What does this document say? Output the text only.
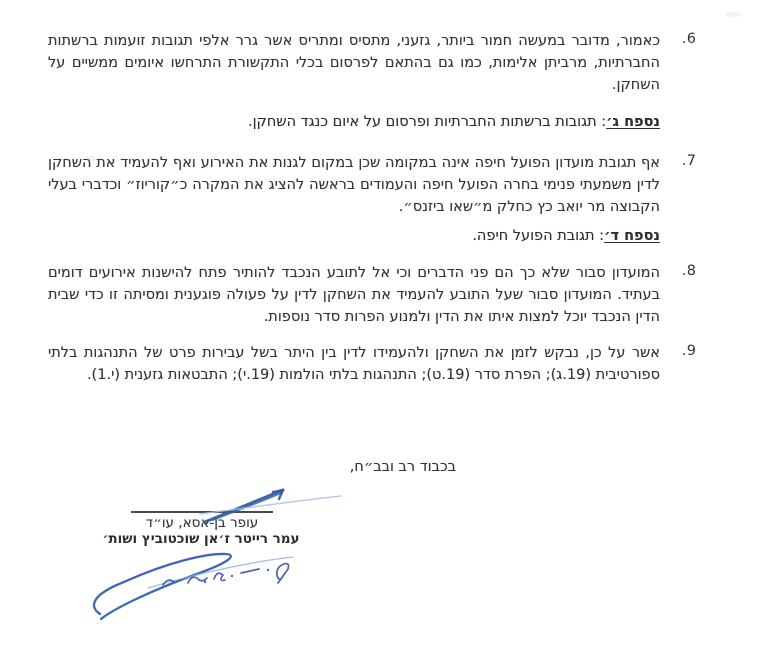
6.

כאמור, מדובר במעשה חמור ביותר, גזעני, מתסיס ומתריס אשר גרר אלפי תגובות זועמות ברשתות החברתיות, מרביתן אלימות, כמו גם בהתאם לפרסום בכלי התקשורת התרחשו איומים ממשיים על השחקן.

נספח ג׳: תגובות ברשתות החברתיות ופרסום על איום כנגד השחקן.
7.

אף תגובת מועדון הפועל חיפה אינה במקומה שכן במקום לגנות את האירוע ואף להעמיד את השחקן לדין משמעתי פנימי בחרה הפועל חיפה והעמודים בראשה להציג את המקרה כ״קוריוז״ וכדברי בעלי הקבוצה מר יואב כץ כחלק מ״שאו ביזנס״.

נספח ד׳: תגובת הפועל חיפה.
8.

המועדון סבור שלא כך הם פני הדברים וכי אל לתובע הנכבד להותיר פתח להישנות אירועים דומים בעתיד. המועדון סבור שעל התובע להעמיד את השחקן לדין על פעולה פוגענית ומסיתה זו כדי שבית הדין הנכבד יוכל למצות איתו את הדין ולמנוע הפרות סדר נוספות.

9.

אשר על כן, נבקש לזמן את השחקן ולהעמידו לדין בין היתר בשל עבירות פרט של התנהגות בלתי ספורטיבית (19.ג); הפרת סדר (19.ט); התנהגות בלתי הולמות (19.י); התבטאות גזענית (י.1).

בכבוד רב ובב״ח,

עופר בן-אסא, עו״ד

עמר רייטר ז׳אן שוכטוביץ ושות׳
